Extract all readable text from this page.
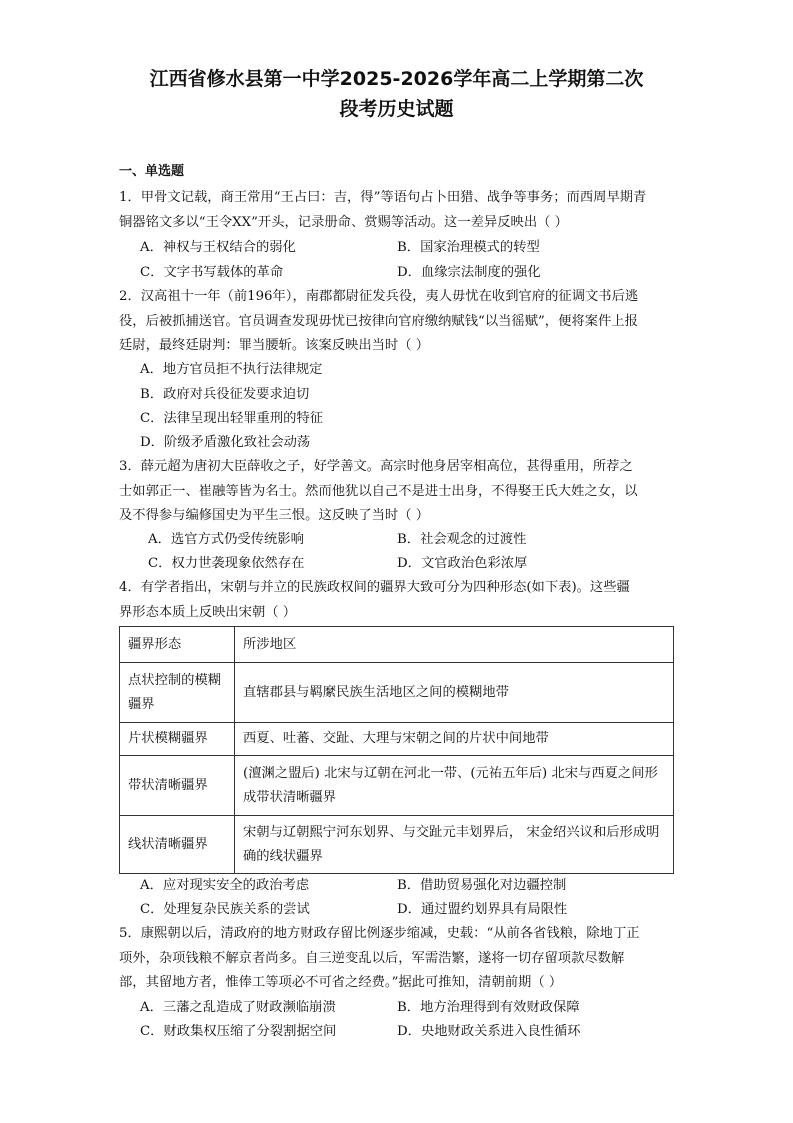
江西省修水县第一中学2025-2026学年高二上学期第二次
段考历史试题
一、单选题
1．甲骨文记载，商王常用“王占曰：吉，得”等语句占卜田猎、战争等事务；而西周早期青
铜器铭文多以“王令XX”开头，记录册命、赏赐等活动。这一差异反映出（ ）
A．神权与王权结合的弱化	B．国家治理模式的转型
C．文字书写载体的革命	D．血缘宗法制度的强化
2．汉高祖十一年（前196年），南郡都尉征发兵役，夷人毋忧在收到官府的征调文书后逃
役，后被抓捕送官。官员调查发现毋忧已按律向官府缴纳赋钱“以当徭赋”，便将案件上报
廷尉，最终廷尉判：罪当腰斩。该案反映出当时（ ）
A．地方官员拒不执行法律规定
B．政府对兵役征发要求迫切
C．法律呈现出轻罪重刑的特征
D．阶级矛盾激化致社会动荡
3．薛元超为唐初大臣薛收之子，好学善文。高宗时他身居宰相高位，甚得重用，所荐之
士如郭正一、崔融等皆为名士。然而他犹以自己不是进士出身，不得娶王氏大姓之女，以
及不得参与编修国史为平生三恨。这反映了当时（ ）
A．选官方式仍受传统影响	B．社会观念的过渡性
C．权力世袭现象依然存在	D．文官政治色彩浓厚
4．有学者指出，宋朝与并立的民族政权间的疆界大致可分为四种形态(如下表)。这些疆
界形态本质上反映出宋朝（ ）
疆界形态	所涉地区
点状控制的模糊疆界	直辖郡县与羁縻民族生活地区之间的模糊地带
片状模糊疆界	西夏、吐蕃、交趾、大理与宋朝之间的片状中间地带
带状清晰疆界	(澶渊之盟后) 北宋与辽朝在河北一带、(元祐五年后) 北宋与西夏之间形成带状清晰疆界
线状清晰疆界	宋朝与辽朝熙宁河东划界、与交趾元丰划界后， 宋金绍兴议和后形成明确的线状疆界
A．应对现实安全的政治考虑	B．借助贸易强化对边疆控制
C．处理复杂民族关系的尝试	D．通过盟约划界具有局限性
5．康熙朝以后，清政府的地方财政存留比例逐步缩减，史载：“从前各省钱粮，除地丁正
项外，杂项钱粮不解京者尚多。自三逆变乱以后，军需浩繁，遂将一切存留项款尽数解
部，其留地方者，惟俸工等项必不可省之经费。”据此可推知，清朝前期（ ）
A．三藩之乱造成了财政濒临崩溃	B．地方治理得到有效财政保障
C．财政集权压缩了分裂割据空间	D．央地财政关系进入良性循环
